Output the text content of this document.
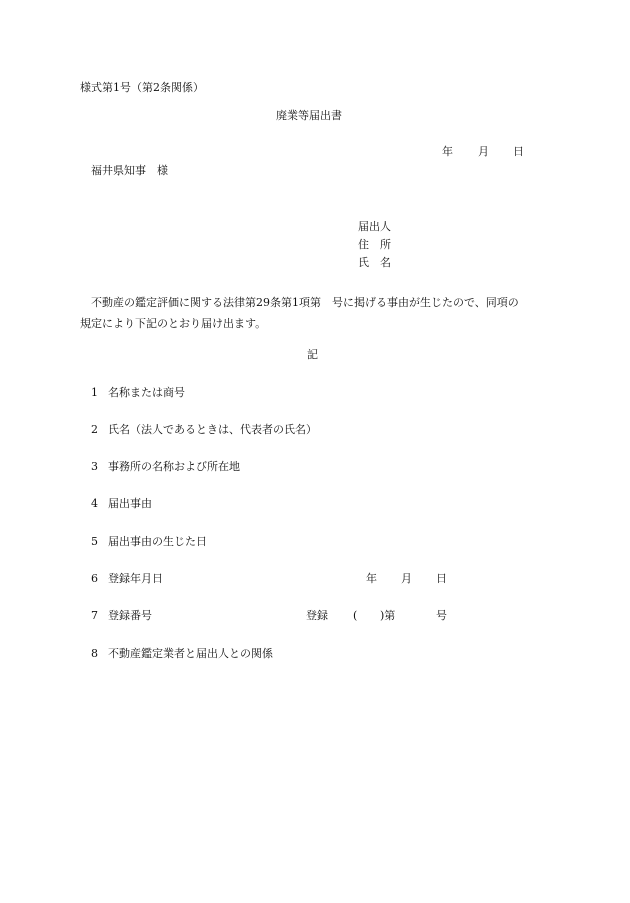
様式第1号（第2条関係）
廃業等届出書
年 月 日
福井県知事　様
届出人
住　所
氏　名
不動産の鑑定評価に関する法律第29条第1項第　号に掲げる事由が生じたので、同項の
規定により下記のとおり届け出ます。
記
1 名称または商号
2 氏名（法人であるときは、代表者の氏名）
3 事務所の名称および所在地
4 届出事由
5 届出事由の生じた日
6 登録年月日	年 月 日
7 登録番号	登録 ( )第	号
8 不動産鑑定業者と届出人との関係
